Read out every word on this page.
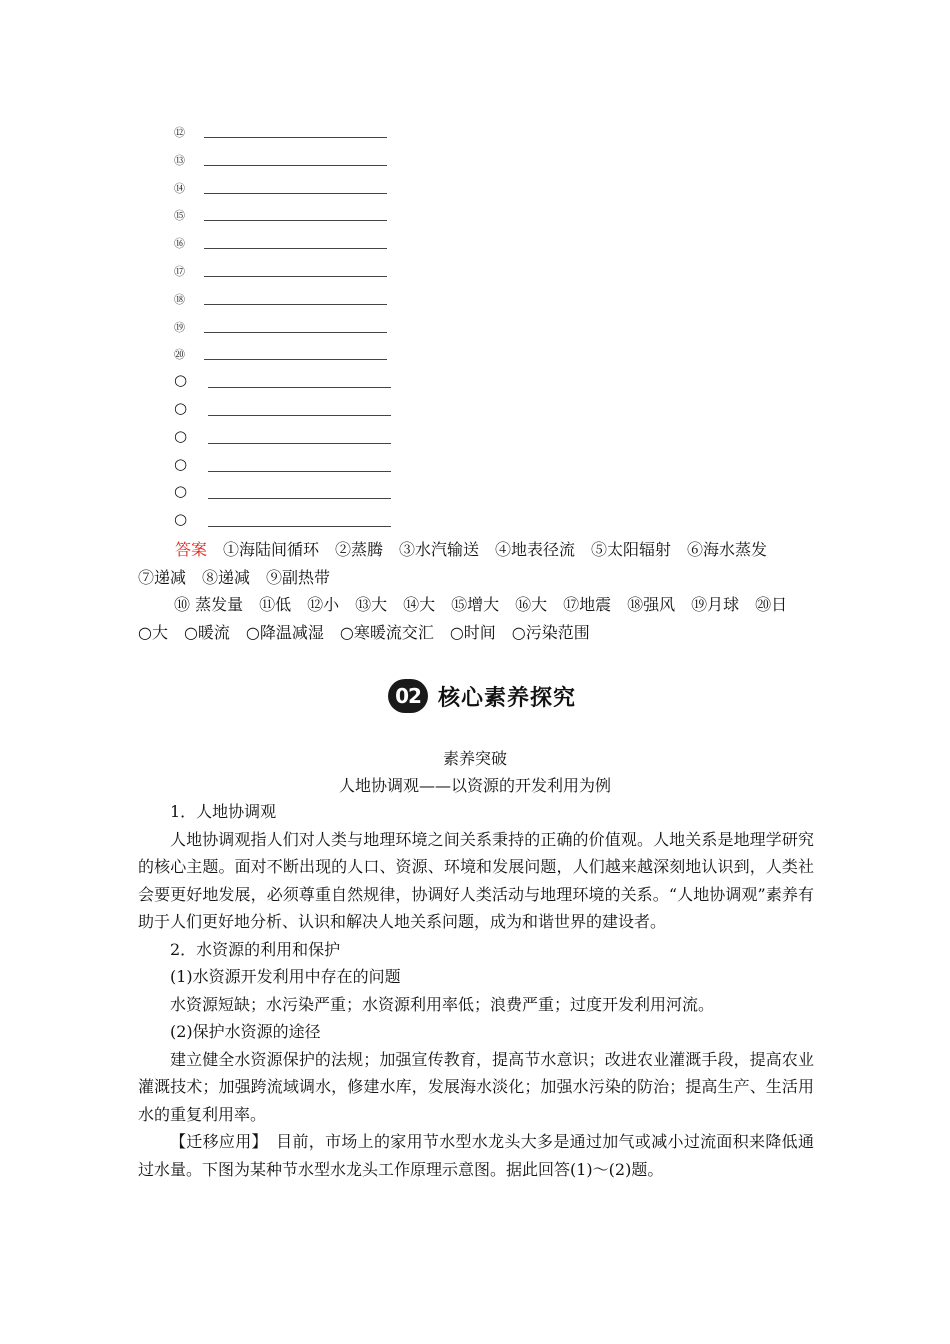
⑫
⑬
⑭
⑮
⑯
⑰
⑱
⑲
⑳
○
○
○
○
○
○
答案　①海陆间循环　②蒸腾　③水汽输送　④地表径流　⑤太阳辐射　⑥海水蒸发
⑦递减　⑧递减　⑨副热带
⑩ 蒸发量　⑪低　⑫小　⑬大　⑭大　⑮增大　⑯大　⑰地震　⑱强风　⑲月球　⑳日
○大　○暖流　○降温减湿　○寒暖流交汇　○时间　○污染范围
02 核心素养探究
素养突破
人地协调观——以资源的开发利用为例

1．人地协调观

人地协调观指人们对人类与地理环境之间关系秉持的正确的价值观。人地关系是地理学研究的核心主题。面对不断出现的人口、资源、环境和发展问题，人们越来越深刻地认识到，人类社会要更好地发展，必须尊重自然规律，协调好人类活动与地理环境的关系。“人地协调观”素养有助于人们更好地分析、认识和解决人地关系问题，成为和谐世界的建设者。

2．水资源的利用和保护

(1)水资源开发利用中存在的问题

水资源短缺；水污染严重；水资源利用率低；浪费严重；过度开发利用河流。

(2)保护水资源的途径

建立健全水资源保护的法规；加强宣传教育，提高节水意识；改进农业灌溉手段，提高农业灌溉技术；加强跨流域调水，修建水库，发展海水淡化；加强水污染的防治；提高生产、生活用水的重复利用率。

【迁移应用】　目前，市场上的家用节水型水龙头大多是通过加气或减小过流面积来降低通过水量。下图为某种节水型水龙头工作原理示意图。据此回答(1)～(2)题。
